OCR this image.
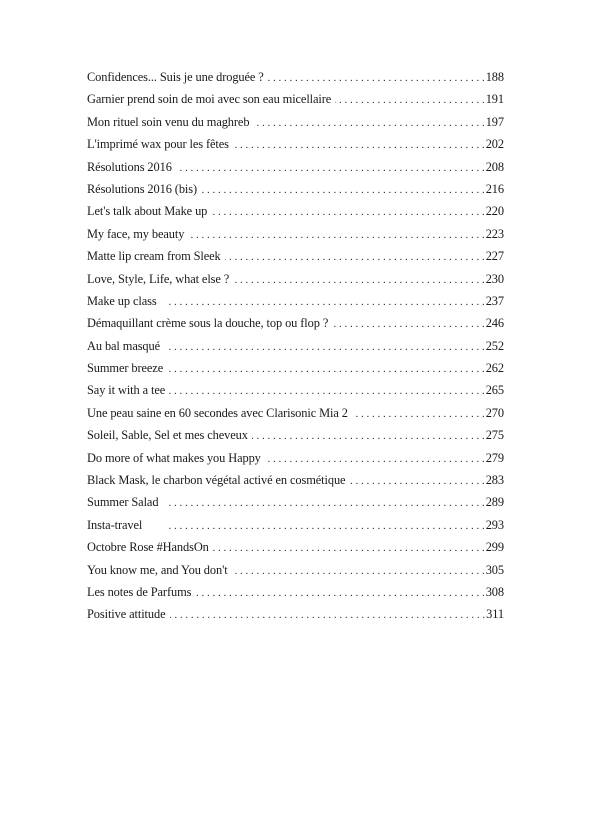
Confidences... Suis je une droguée ? . . .	188
Garnier prend soin de moi avec son eau micellaire . . .	191
Mon rituel soin venu du maghreb . . .	197
L'imprimé wax pour les fêtes . . .	202
Résolutions 2016 . . .	208
Résolutions 2016 (bis) . . .	216
Let's talk about Make up . . .	220
My face, my beauty . . .	223
Matte lip cream from Sleek . . .	227
Love, Style, Life, what else ? . . .	230
Make up class . . .	237
Démaquillant crème sous la douche, top ou flop ? . . .	246
Au bal masqué . . .	252
Summer breeze . . .	262
Say it with a tee . . .	265
Une peau saine en 60 secondes avec Clarisonic Mia 2 . . .	270
Soleil, Sable, Sel et mes cheveux . . .	275
Do more of what makes you Happy . . .	279
Black Mask, le charbon végétal activé en cosmétique . . .	283
Summer Salad . . .	289
Insta-travel . . .	293
Octobre Rose #HandsOn . . .	299
You know me, and You don't . . .	305
Les notes de Parfums . . .	308
Positive attitude . . .	311
